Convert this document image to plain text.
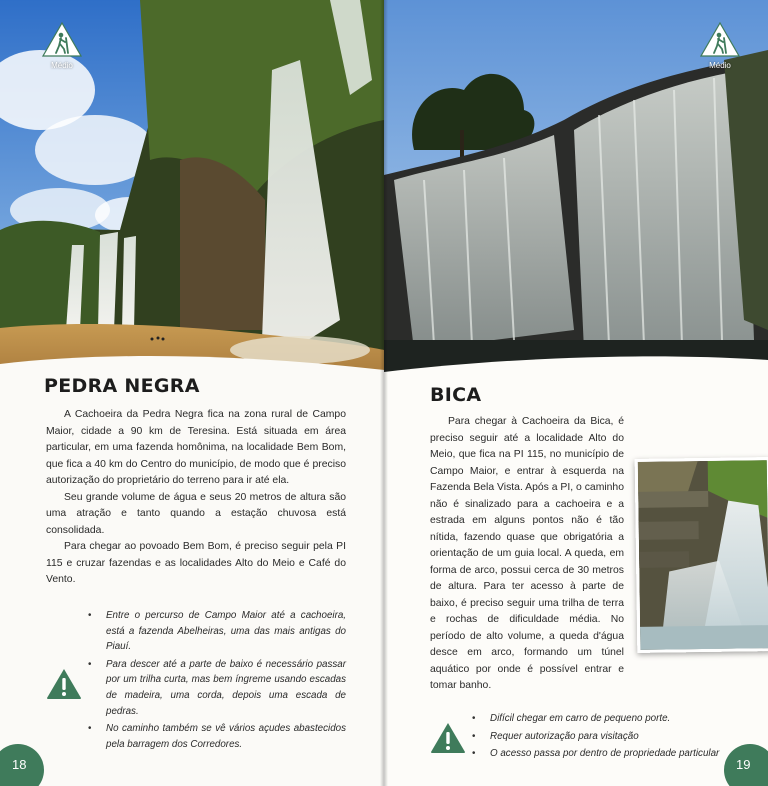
Médio
PEDRA NEGRA

A Cachoeira da Pedra Negra fica na zona rural de Campo Maior, cidade a 90 km de Teresina. Está situada em área particular, em uma fazenda homônima, na localidade Bem Bom, que fica a 40 km do Centro do município, de modo que é preciso autorização do proprietário do terreno para ir até ela.

Seu grande volume de água e seus 20 metros de altura são uma atração e tanto quando a estação chuvosa está consolidada.

Para chegar ao povoado Bem Bom, é preciso seguir pela PI 115 e cruzar fazendas e as localidades Alto do Meio e Café do Vento.

• Entre o percurso de Campo Maior até a cachoeira, está a fazenda Abelheiras, uma das mais antigas do Piauí.
• Para descer até a parte de baixo é necessário passar por um trilha curta, mas bem íngreme usando escadas de madeira, uma corda, depois uma escada de pedras.
• No caminho também se vê vários açudes abastecidos pela barragem dos Corredores.
18
Médio
BICA

Para chegar à Cachoeira da Bica, é preciso seguir até a localidade Alto do Meio, que fica na PI 115, no município de Campo Maior, e entrar à esquerda na Fazenda Bela Vista. Após a PI, o caminho não é sinalizado para a cachoeira e a estrada em alguns pontos não é tão nítida, fazendo quase que obrigatória a orientação de um guia local. A queda, em forma de arco, possui cerca de 30 metros de altura. Para ter acesso à parte de baixo, é preciso seguir uma trilha de terra e rochas de dificuldade média. No período de alto volume, a queda d'água desce em arco, formando um túnel aquático por onde é possível entrar e tomar banho.

• Difícil chegar em carro de pequeno porte.
• Requer autorização para visitação
• O acesso passa por dentro de propriedade particular
19
